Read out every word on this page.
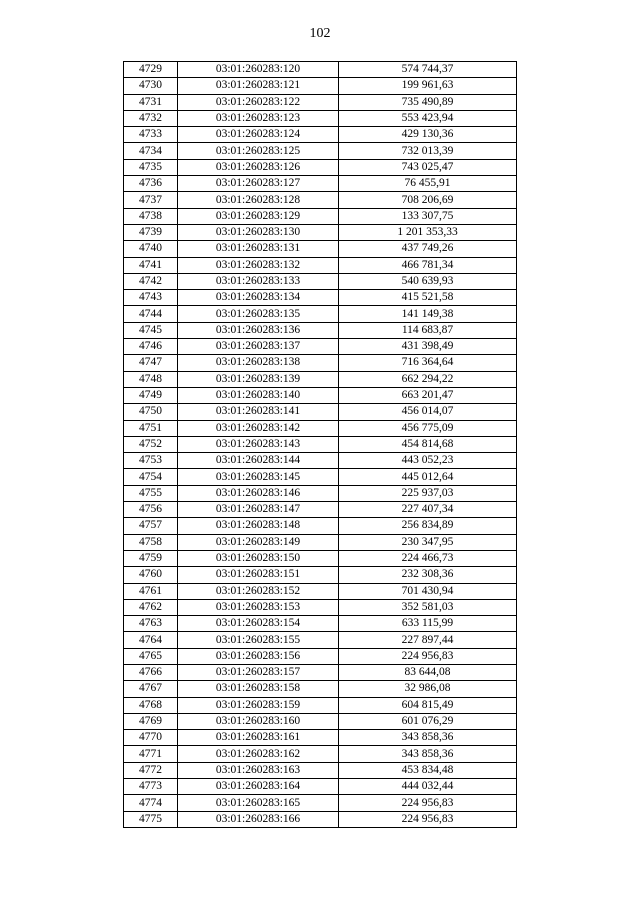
102
4729	03:01:260283:120	574 744,37
4730	03:01:260283:121	199 961,63
4731	03:01:260283:122	735 490,89
4732	03:01:260283:123	553 423,94
4733	03:01:260283:124	429 130,36
4734	03:01:260283:125	732 013,39
4735	03:01:260283:126	743 025,47
4736	03:01:260283:127	76 455,91
4737	03:01:260283:128	708 206,69
4738	03:01:260283:129	133 307,75
4739	03:01:260283:130	1 201 353,33
4740	03:01:260283:131	437 749,26
4741	03:01:260283:132	466 781,34
4742	03:01:260283:133	540 639,93
4743	03:01:260283:134	415 521,58
4744	03:01:260283:135	141 149,38
4745	03:01:260283:136	114 683,87
4746	03:01:260283:137	431 398,49
4747	03:01:260283:138	716 364,64
4748	03:01:260283:139	662 294,22
4749	03:01:260283:140	663 201,47
4750	03:01:260283:141	456 014,07
4751	03:01:260283:142	456 775,09
4752	03:01:260283:143	454 814,68
4753	03:01:260283:144	443 052,23
4754	03:01:260283:145	445 012,64
4755	03:01:260283:146	225 937,03
4756	03:01:260283:147	227 407,34
4757	03:01:260283:148	256 834,89
4758	03:01:260283:149	230 347,95
4759	03:01:260283:150	224 466,73
4760	03:01:260283:151	232 308,36
4761	03:01:260283:152	701 430,94
4762	03:01:260283:153	352 581,03
4763	03:01:260283:154	633 115,99
4764	03:01:260283:155	227 897,44
4765	03:01:260283:156	224 956,83
4766	03:01:260283:157	83 644,08
4767	03:01:260283:158	32 986,08
4768	03:01:260283:159	604 815,49
4769	03:01:260283:160	601 076,29
4770	03:01:260283:161	343 858,36
4771	03:01:260283:162	343 858,36
4772	03:01:260283:163	453 834,48
4773	03:01:260283:164	444 032,44
4774	03:01:260283:165	224 956,83
4775	03:01:260283:166	224 956,83
